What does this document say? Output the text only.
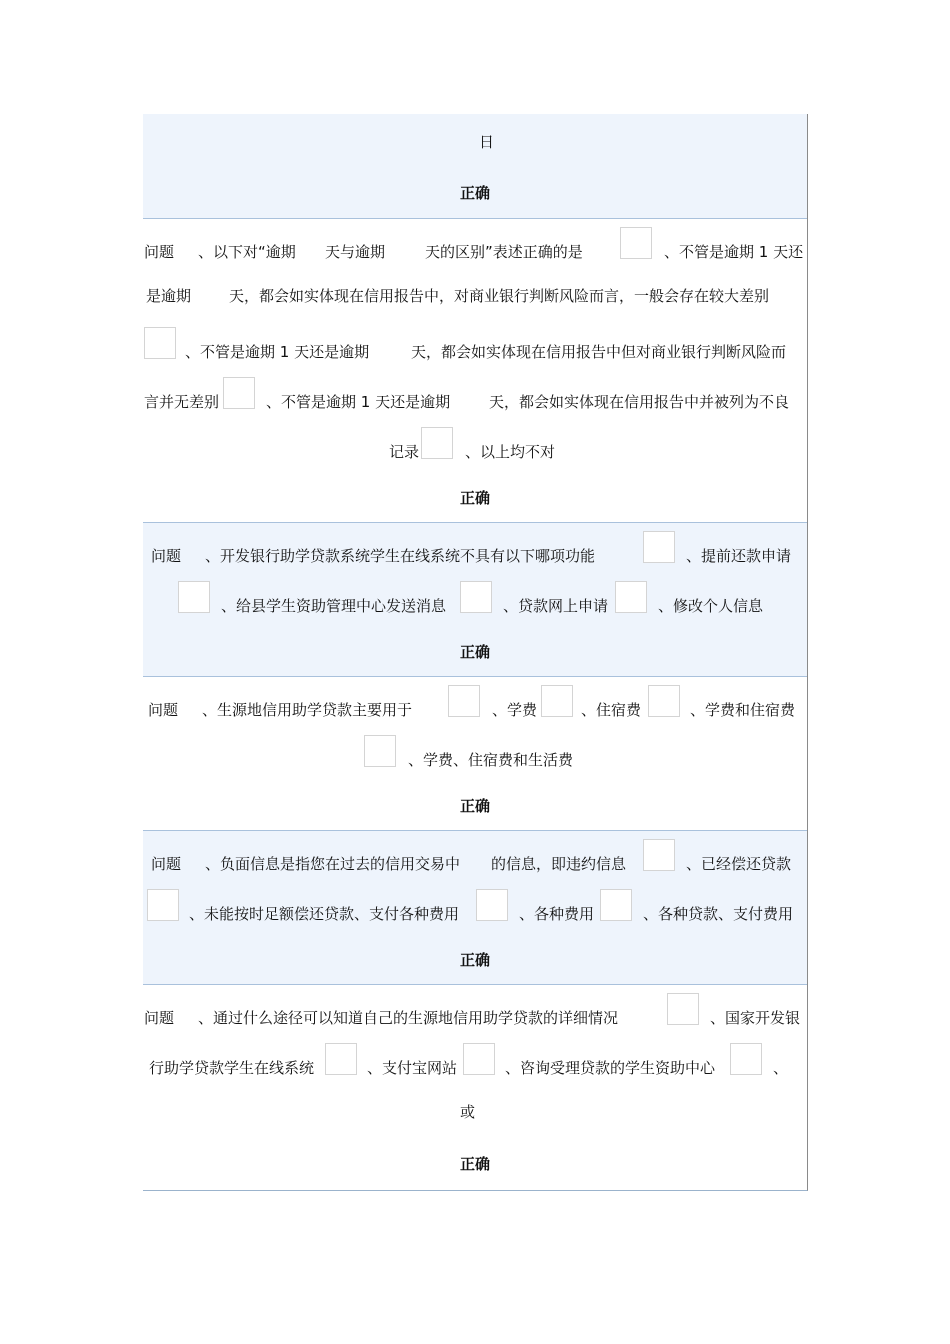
日
正确
问题 、以下对“逾期 天与逾期	天的区别”表述正确的是	、不管是逾期 1 天还
是逾期	天，都会如实体现在信用报告中，对商业银行判断风险而言，一般会存在较大差别
、不管是逾期 1 天还是逾期	天，都会如实体现在信用报告中但对商业银行判断风险而
言并无差别	、不管是逾期 1 天还是逾期	天，都会如实体现在信用报告中并被列为不良
记录	、以上均不对
正确
问题 、开发银行助学贷款系统学生在线系统不具有以下哪项功能	、提前还款申请
、给县学生资助管理中心发送消息	、贷款网上申请	、修改个人信息
正确
问题 、生源地信用助学贷款主要用于	、学费	、住宿费	、学费和住宿费
、学费、住宿费和生活费
正确
问题 、负面信息是指您在过去的信用交易中 的信息，即违约信息	、已经偿还贷款
、未能按时足额偿还贷款、支付各种费用	、各种费用	、各种贷款、支付费用
正确
问题 、通过什么途径可以知道自己的生源地信用助学贷款的详细情况	、国家开发银
行助学贷款学生在线系统	、支付宝网站	、咨询受理贷款的学生资助中心	、
或
正确
